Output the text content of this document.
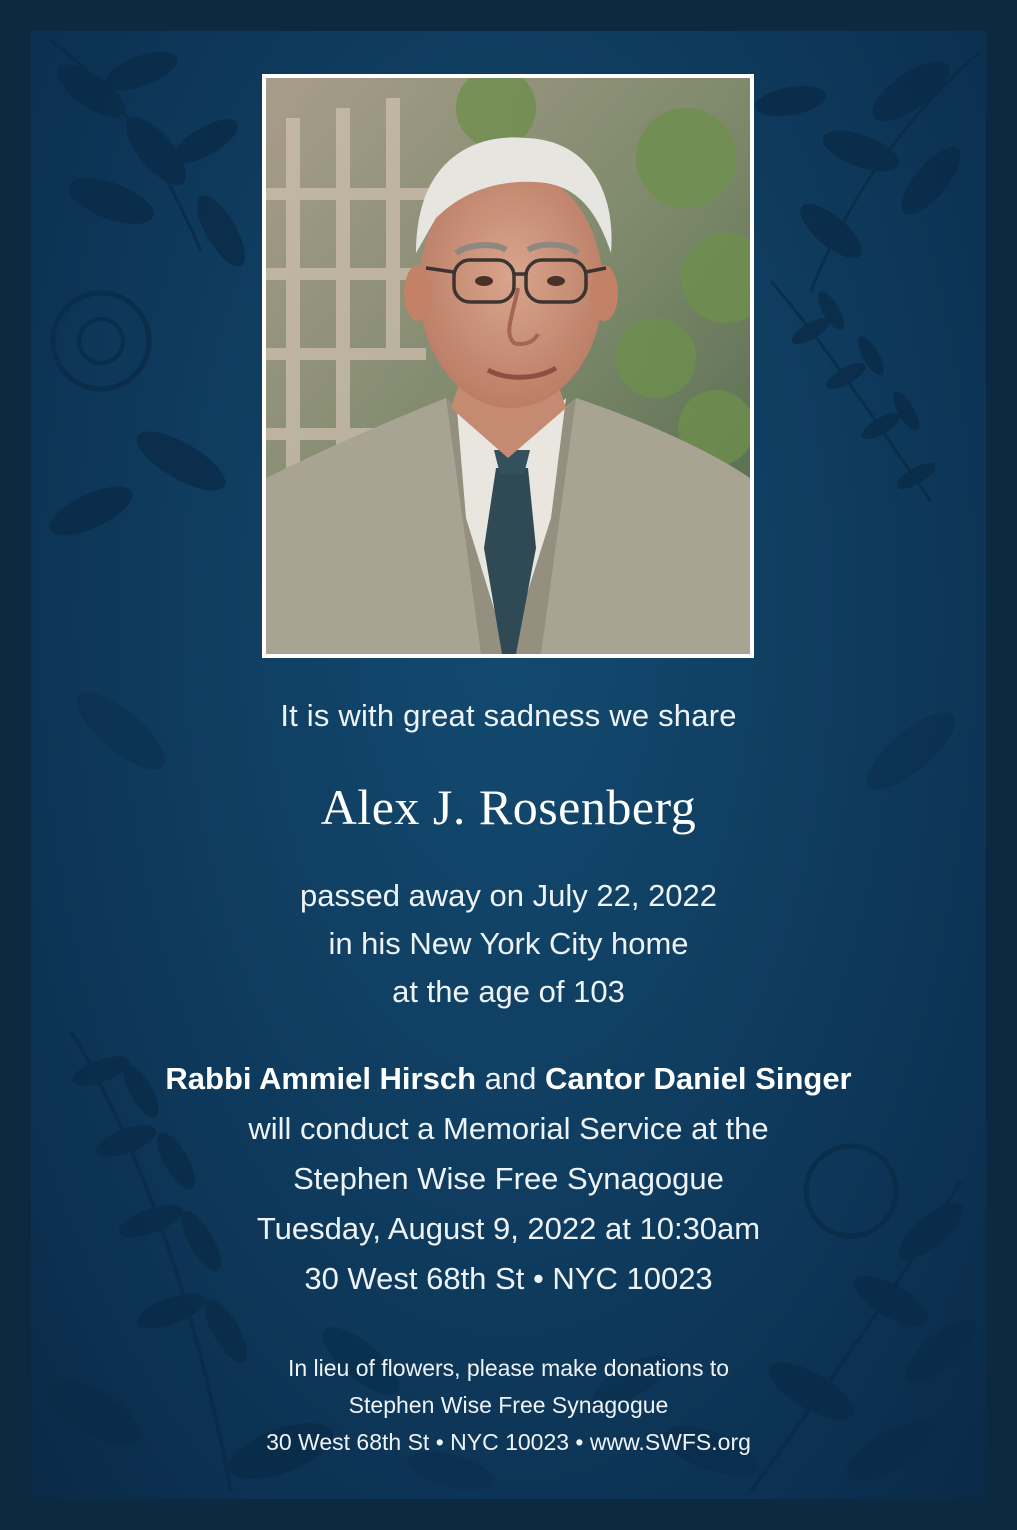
It is with great sadness we share
Alex J. Rosenberg
passed away on July 22, 2022
in his New York City home
at the age of 103
Rabbi Ammiel Hirsch and Cantor Daniel Singer
will conduct a Memorial Service at the
Stephen Wise Free Synagogue
Tuesday, August 9, 2022 at 10:30am
30 West 68th St • NYC 10023
In lieu of flowers, please make donations to
Stephen Wise Free Synagogue
30 West 68th St • NYC 10023 • www.SWFS.org
